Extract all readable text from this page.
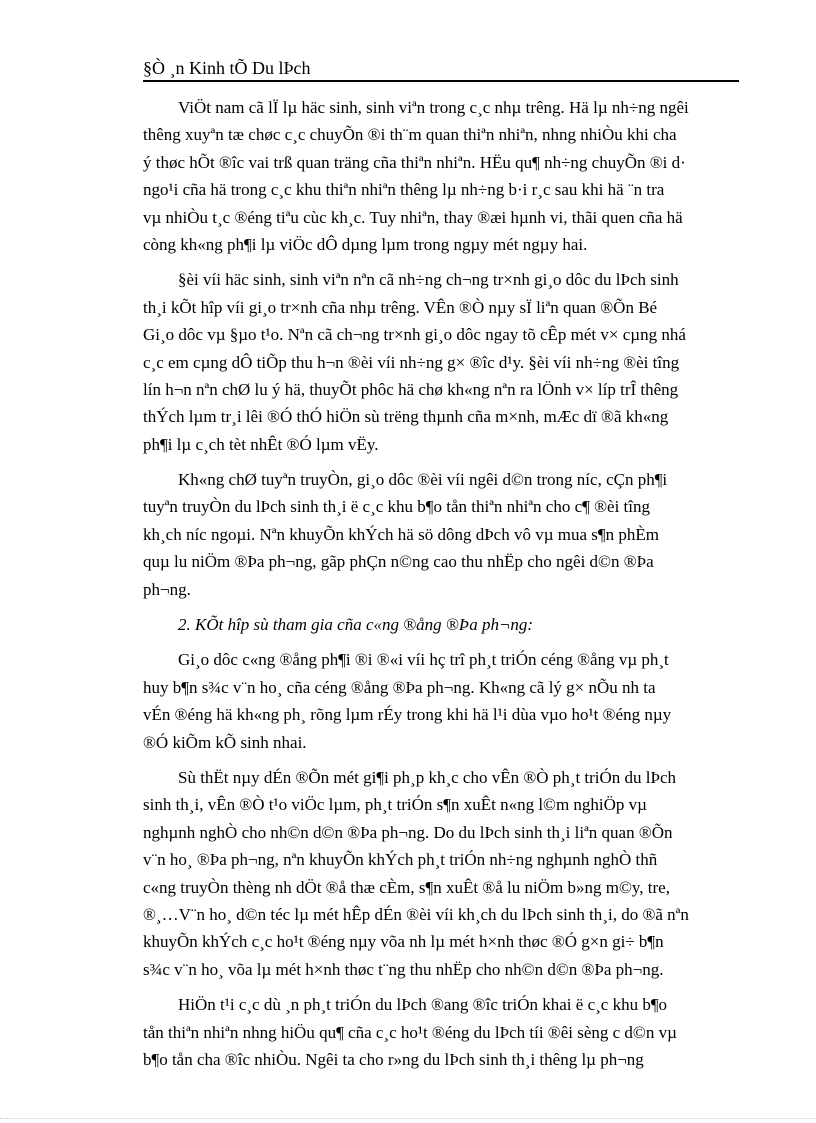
§Ò ¸n Kinh tÕ Du lÞch
ViÖt nam cã lÏ lµ häc sinh, sinh viªn trong c¸c nhµ trêng. Hä lµ nh÷ng ngêi
thêng xuyªn tæ chøc c¸c chuyÕn ®i th¨m quan thiªn nhiªn, nhng nhiÒu khi cha
ý thøc hÕt ®îc vai trß quan träng cña thiªn nhiªn. HËu qu¶ nh÷ng chuyÕn ®i d·
ngo¹i cña hä trong c¸c khu thiªn nhiªn thêng lµ nh÷ng b·i r¸c sau khi hä ¨n tra
vµ nhiÒu t¸c ®éng tiªu cùc kh¸c. Tuy nhiªn, thay ®æi hµnh vi, thãi quen cña hä
còng kh«ng ph¶i lµ viÖc dÔ dµng lµm trong ngµy mét ngµy hai.
§èi víi häc sinh, sinh viªn nªn cã nh÷ng ch¬ng tr×nh gi¸o dôc du lÞch sinh
th¸i kÕt hîp víi gi¸o tr×nh cña nhµ trêng. VÊn ®Ò nµy sÏ liªn quan ®Õn Bé
Gi¸o dôc vµ §µo t¹o. Nªn cã ch¬ng tr×nh gi¸o dôc ngay tõ cÊp mét v× cµng nhá
c¸c em cµng dÔ tiÕp thu h¬n ®èi víi nh÷ng g× ®îc d¹y. §èi víi nh÷ng ®èi tîng
lín h¬n nªn chØ lu ý hä, thuyÕt phôc hä chø kh«ng nªn ra lÖnh v× líp trÎ thêng
thÝch lµm tr¸i lêi ®Ó thÓ hiÖn sù trëng thµnh cña m×nh, mÆc dï ®ã kh«ng
ph¶i lµ c¸ch tèt nhÊt ®Ó lµm vËy.
Kh«ng chØ tuyªn truyÒn, gi¸o dôc ®èi víi ngêi d©n trong níc, cÇn ph¶i
tuyªn truyÒn du lÞch sinh th¸i ë c¸c khu b¶o tån thiªn nhiªn cho c¶ ®èi tîng
kh¸ch níc ngoµi. Nªn khuyÕn khÝch hä sö dông dÞch vô vµ mua s¶n phÈm
quµ lu niÖm ®Þa ph¬ng, gãp phÇn n©ng cao thu nhËp cho ngêi d©n ®Þa
ph¬ng.
2. KÕt hîp sù tham gia cña c«ng ®ång ®Þa ph¬ng:
Gi¸o dôc c«ng ®ång ph¶i ®i ®«i víi hç trî ph¸t triÓn céng ®ång vµ ph¸t
huy b¶n s¾c v¨n ho¸ cña céng ®ång ®Þa ph¬ng. Kh«ng cã lý g× nÕu nh ta
vÉn ®éng hä kh«ng ph¸ rõng lµm rÉy trong khi hä l¹i dùa vµo ho¹t ®éng nµy
®Ó kiÕm kÕ sinh nhai.
Sù thËt nµy dÉn ®Õn mét gi¶i ph¸p kh¸c cho vÊn ®Ò ph¸t triÓn du lÞch
sinh th¸i, vÊn ®Ò t¹o viÖc lµm, ph¸t triÓn s¶n xuÊt n«ng l©m nghiÖp vµ
nghµnh nghÒ cho nh©n d©n ®Þa ph¬ng. Do du lÞch sinh th¸i liªn quan ®Õn
v¨n ho¸ ®Þa ph¬ng, nªn khuyÕn khÝch ph¸t triÓn nh÷ng nghµnh nghÒ thñ
c«ng truyÒn thèng nh dÖt ®å thæ cÈm, s¶n xuÊt ®å lu niÖm b»ng m©y, tre,
®¸…V¨n ho¸ d©n téc lµ mét hÊp dÉn ®èi víi kh¸ch du lÞch sinh th¸i, do ®ã nªn
khuyÕn khÝch c¸c ho¹t ®éng nµy võa nh lµ mét h×nh thøc ®Ó g×n gi÷ b¶n
s¾c v¨n ho¸ võa lµ mét h×nh thøc t¨ng thu nhËp cho nh©n d©n ®Þa ph¬ng.
HiÖn t¹i c¸c dù ¸n ph¸t triÓn du lÞch ®ang ®îc triÓn khai ë c¸c khu b¶o
tån thiªn nhiªn nhng hiÖu qu¶ cña c¸c ho¹t ®éng du lÞch tíi ®êi sèng c d©n vµ
b¶o tån cha ®îc nhiÒu. Ngêi ta cho r»ng du lÞch sinh th¸i thêng lµ ph¬ng
